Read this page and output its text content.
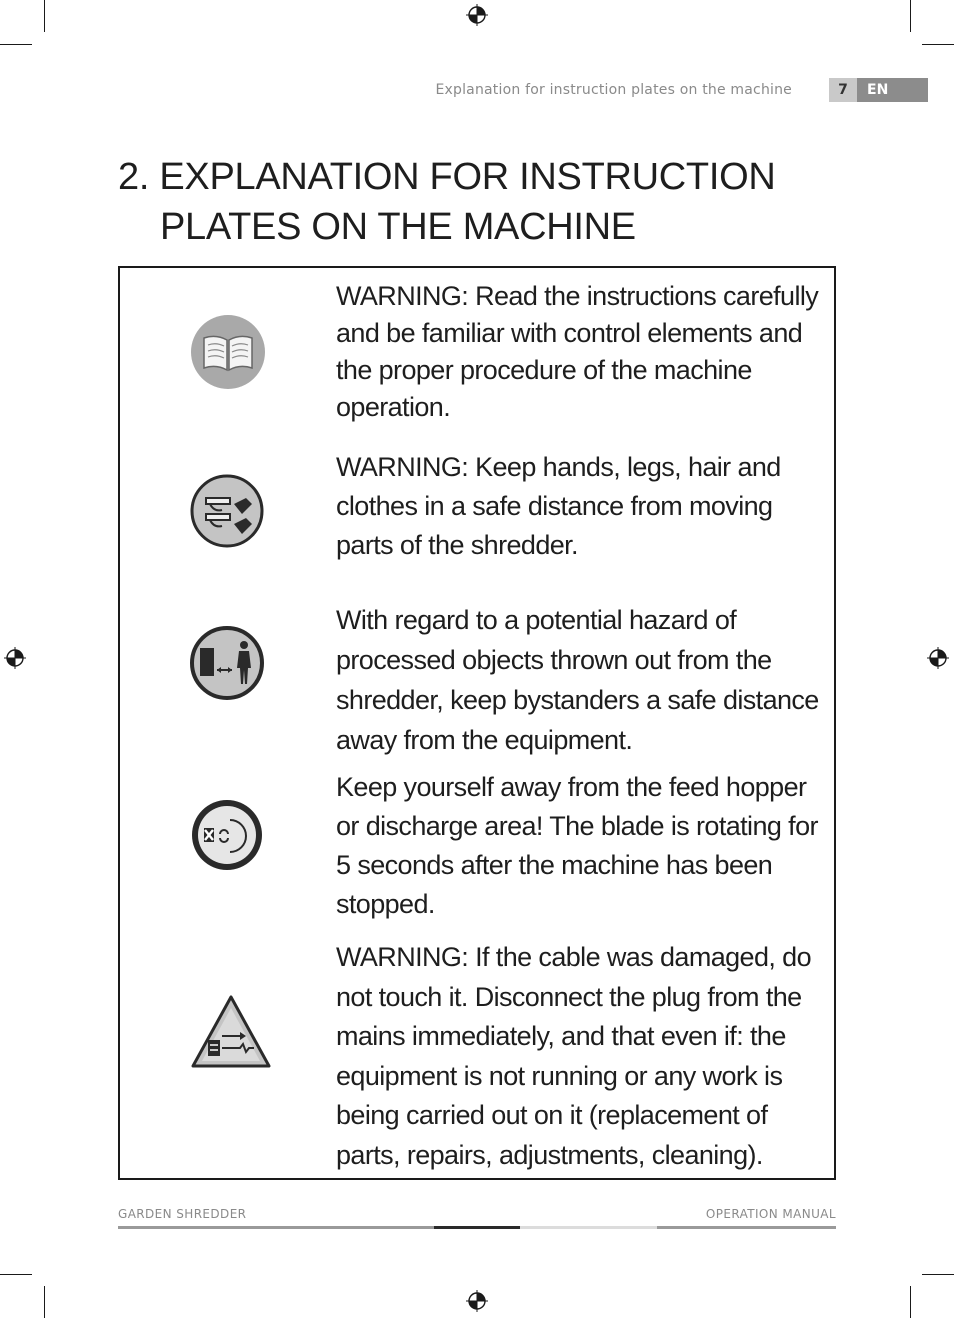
Explanation for instruction plates on the machine	7	EN
2. EXPLANATION FOR INSTRUCTION
PLATES ON THE MACHINE
WARNING: Read the instructions carefully and be familiar with control elements and the proper procedure of the machine operation.
WARNING: Keep hands, legs, hair and clothes in a safe distance from moving parts of the shredder.
With regard to a potential hazard of processed objects thrown out from the shredder, keep bystanders a safe distance away from the equipment.
Keep yourself away from the feed hopper or discharge area! The blade is rotating for 5 seconds after the machine has been stopped.
WARNING: If the cable was damaged, do not touch it. Disconnect the plug from the mains immediately, and that even if: the equipment is not running or any work is being carried out on it (replacement of parts, repairs, adjustments, cleaning).
GARDEN SHREDDER	OPERATION MANUAL
